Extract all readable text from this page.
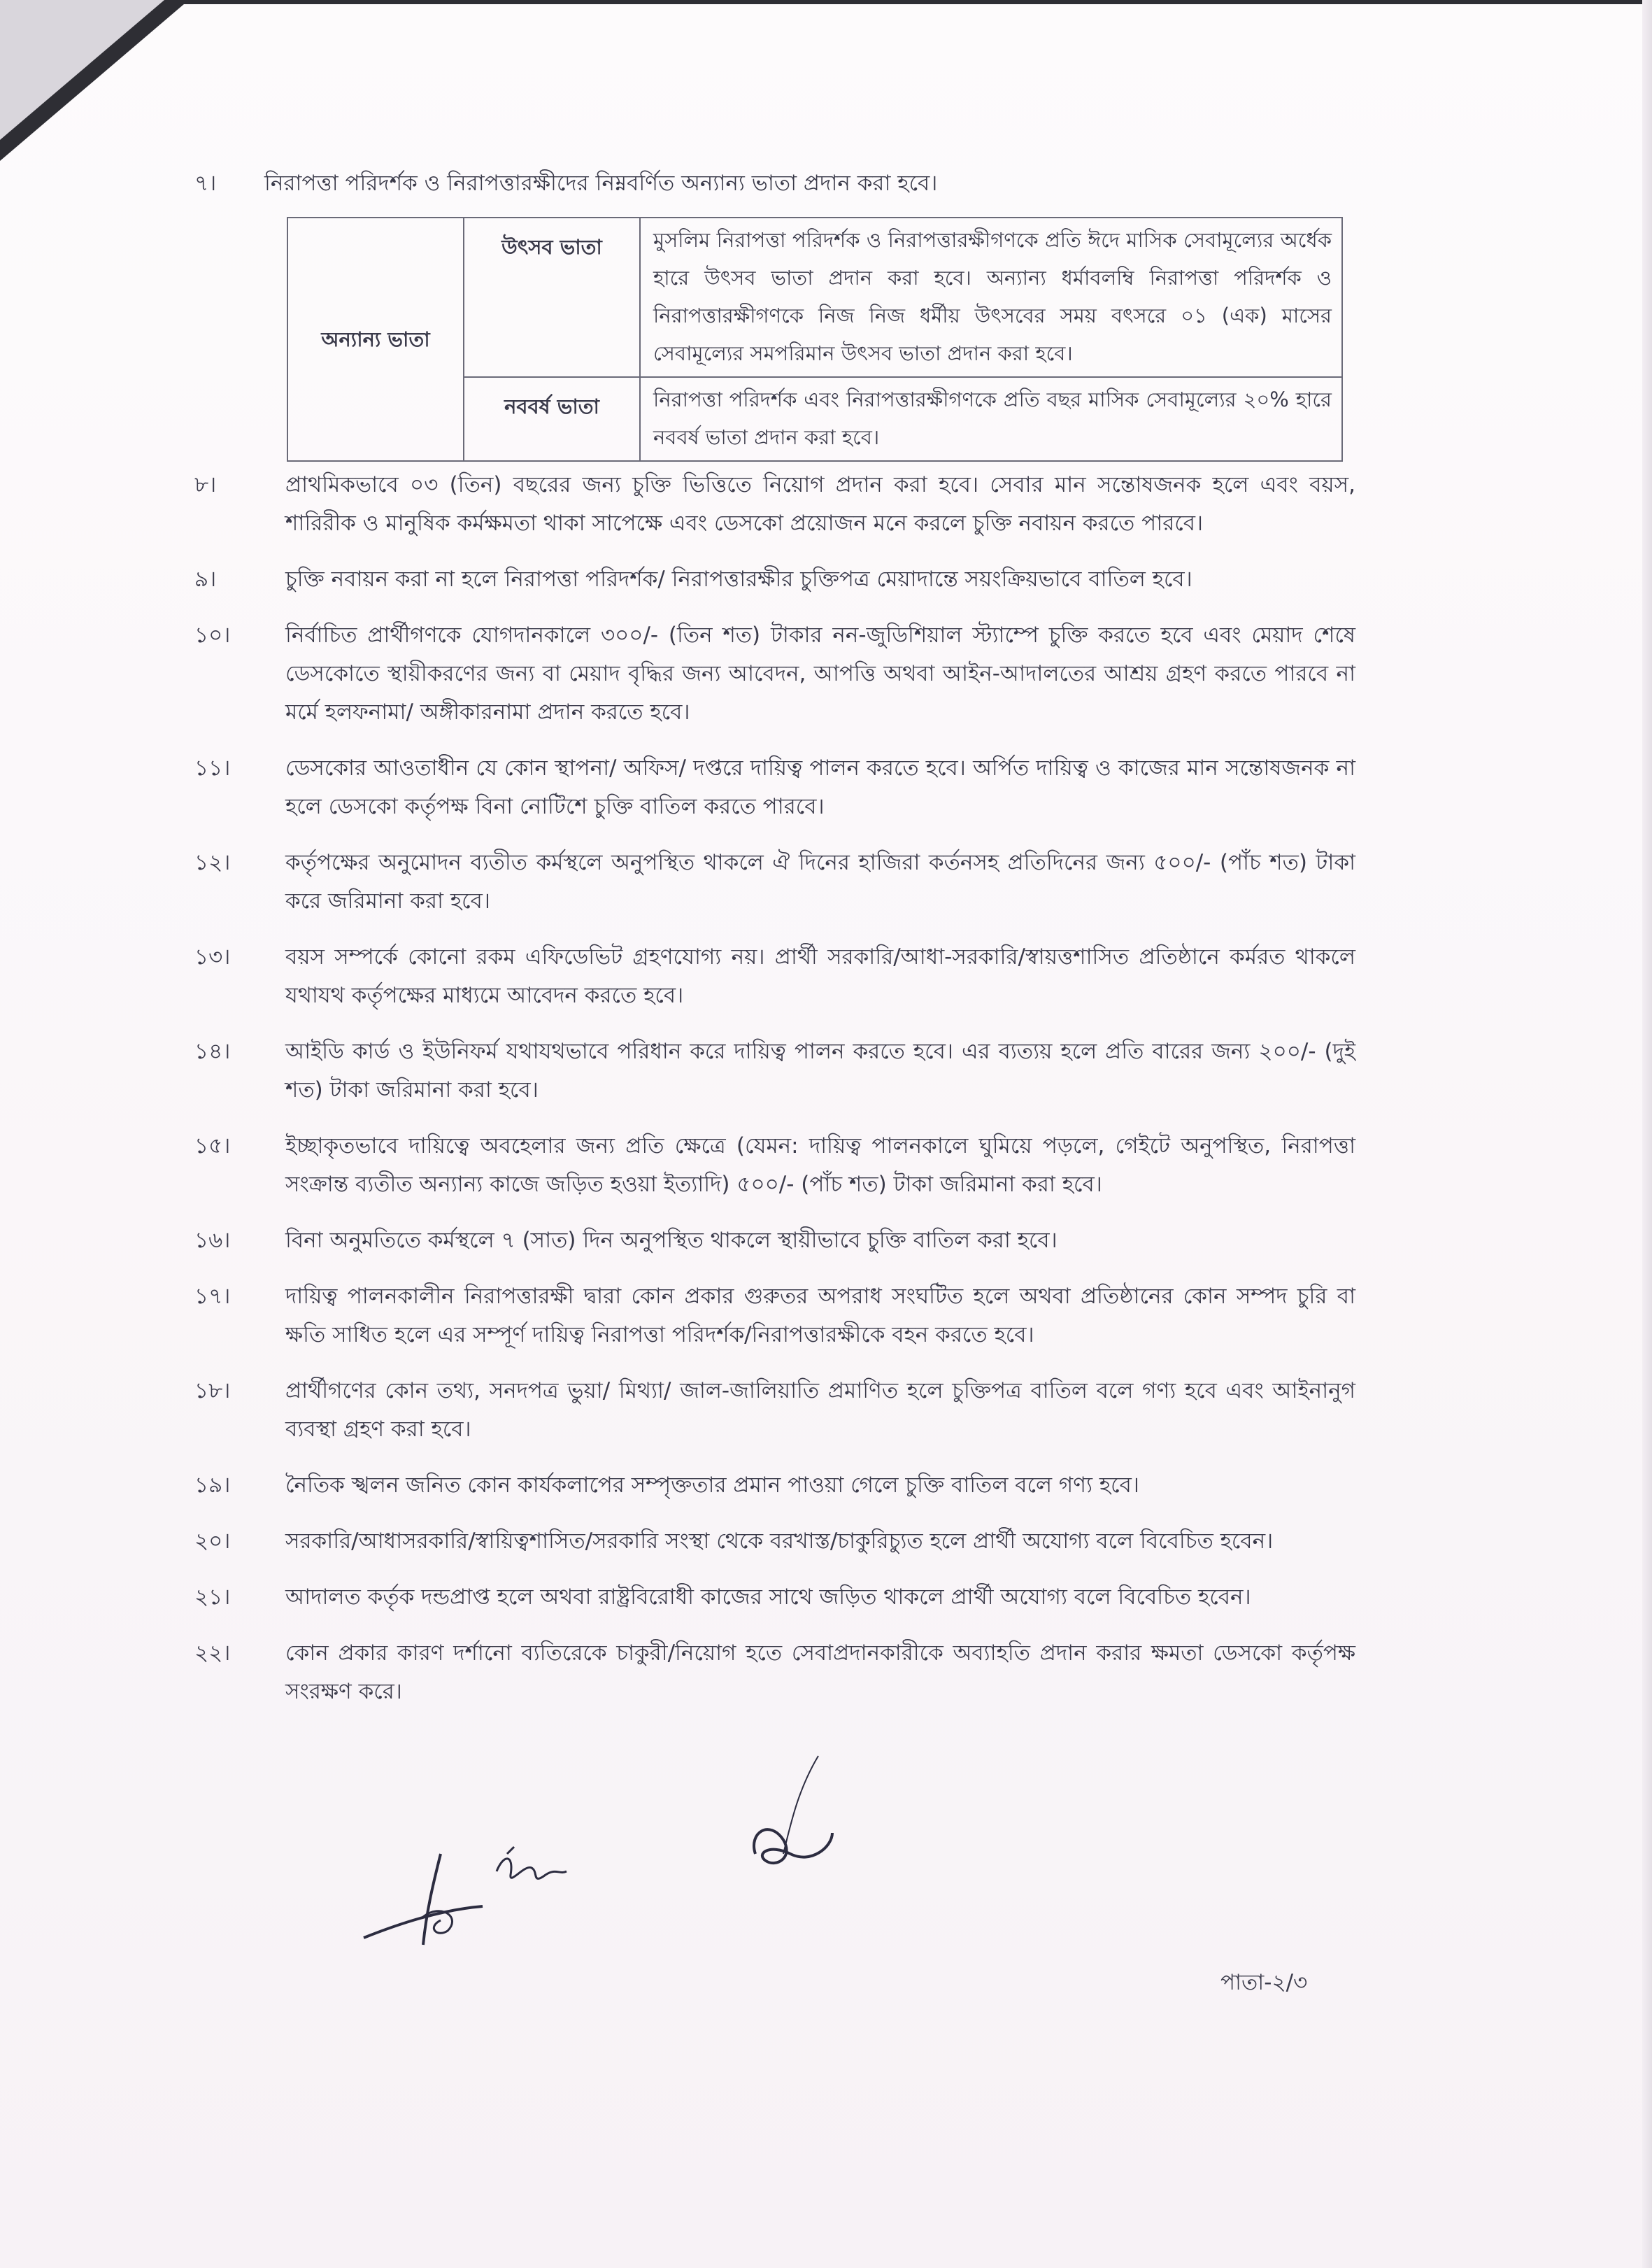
৭।	নিরাপত্তা পরিদর্শক ও নিরাপত্তারক্ষীদের নিম্নবর্ণিত অন্যান্য ভাতা প্রদান করা হবে।
অন্যান্য ভাতা	উৎসব ভাতা	মুসলিম নিরাপত্তা পরিদর্শক ও নিরাপত্তারক্ষীগণকে প্রতি ঈদে মাসিক সেবামূল্যের অর্ধেক হারে উৎসব ভাতা প্রদান করা হবে। অন্যান্য ধর্মাবলম্বি নিরাপত্তা পরিদর্শক ও নিরাপত্তারক্ষীগণকে নিজ নিজ ধর্মীয় উৎসবের সময় বৎসরে ০১ (এক) মাসের সেবামূল্যের সমপরিমান উৎসব ভাতা প্রদান করা হবে।
	নববর্ষ ভাতা	নিরাপত্তা পরিদর্শক এবং নিরাপত্তারক্ষীগণকে প্রতি বছর মাসিক সেবামূল্যের ২০% হারে নববর্ষ ভাতা প্রদান করা হবে।
৮।	প্রাথমিকভাবে ০৩ (তিন) বছরের জন্য চুক্তি ভিত্তিতে নিয়োগ প্রদান করা হবে। সেবার মান সন্তোষজনক হলে এবং বয়স, শারিরীক ও মানুষিক কর্মক্ষমতা থাকা সাপেক্ষে এবং ডেসকো প্রয়োজন মনে করলে চুক্তি নবায়ন করতে পারবে।
৯।	চুক্তি নবায়ন করা না হলে নিরাপত্তা পরিদর্শক/ নিরাপত্তারক্ষীর চুক্তিপত্র মেয়াদান্তে সয়ংক্রিয়ভাবে বাতিল হবে।
১০।	নির্বাচিত প্রার্থীগণকে যোগদানকালে ৩০০/- (তিন শত) টাকার নন-জুডিশিয়াল স্ট্যাম্পে চুক্তি করতে হবে এবং মেয়াদ শেষে ডেসকোতে স্থায়ীকরণের জন্য বা মেয়াদ বৃদ্ধির জন্য আবেদন, আপত্তি অথবা আইন-আদালতের আশ্রয় গ্রহণ করতে পারবে না মর্মে হলফনামা/ অঙ্গীকারনামা প্রদান করতে হবে।
১১।	ডেসকোর আওতাধীন যে কোন স্থাপনা/ অফিস/ দপ্তরে দায়িত্ব পালন করতে হবে। অর্পিত দায়িত্ব ও কাজের মান সন্তোষজনক না হলে ডেসকো কর্তৃপক্ষ বিনা নোটিশে চুক্তি বাতিল করতে পারবে।
১২।	কর্তৃপক্ষের অনুমোদন ব্যতীত কর্মস্থলে অনুপস্থিত থাকলে ঐ দিনের হাজিরা কর্তনসহ প্রতিদিনের জন্য ৫০০/- (পাঁচ শত) টাকা করে জরিমানা করা হবে।
১৩।	বয়স সম্পর্কে কোনো রকম এফিডেভিট গ্রহণযোগ্য নয়। প্রার্থী সরকারি/আধা-সরকারি/স্বায়ত্তশাসিত প্রতিষ্ঠানে কর্মরত থাকলে যথাযথ কর্তৃপক্ষের মাধ্যমে আবেদন করতে হবে।
১৪।	আইডি কার্ড ও ইউনিফর্ম যথাযথভাবে পরিধান করে দায়িত্ব পালন করতে হবে। এর ব্যত্যয় হলে প্রতি বারের জন্য ২০০/- (দুই শত) টাকা জরিমানা করা হবে।
১৫।	ইচ্ছাকৃতভাবে দায়িত্বে অবহেলার জন্য প্রতি ক্ষেত্রে (যেমন: দায়িত্ব পালনকালে ঘুমিয়ে পড়লে, গেইটে অনুপস্থিত, নিরাপত্তা সংক্রান্ত ব্যতীত অন্যান্য কাজে জড়িত হওয়া ইত্যাদি) ৫০০/- (পাঁচ শত) টাকা জরিমানা করা হবে।
১৬।	বিনা অনুমতিতে কর্মস্থলে ৭ (সাত) দিন অনুপস্থিত থাকলে স্থায়ীভাবে চুক্তি বাতিল করা হবে।
১৭।	দায়িত্ব পালনকালীন নিরাপত্তারক্ষী দ্বারা কোন প্রকার গুরুতর অপরাধ সংঘটিত হলে অথবা প্রতিষ্ঠানের কোন সম্পদ চুরি বা ক্ষতি সাধিত হলে এর সম্পূর্ণ দায়িত্ব নিরাপত্তা পরিদর্শক/নিরাপত্তারক্ষীকে বহন করতে হবে।
১৮।	প্রার্থীগণের কোন তথ্য, সনদপত্র ভুয়া/ মিথ্যা/ জাল-জালিয়াতি প্রমাণিত হলে চুক্তিপত্র বাতিল বলে গণ্য হবে এবং আইনানুগ ব্যবস্থা গ্রহণ করা হবে।
১৯।	নৈতিক স্খলন জনিত কোন কার্যকলাপের সম্পৃক্ততার প্রমান পাওয়া গেলে চুক্তি বাতিল বলে গণ্য হবে।
২০।	সরকারি/আধাসরকারি/স্বায়িত্বশাসিত/সরকারি সংস্থা থেকে বরখাস্ত/চাকুরিচ্যুত হলে প্রার্থী অযোগ্য বলে বিবেচিত হবেন।
২১।	আদালত কর্তৃক দন্ডপ্রাপ্ত হলে অথবা রাষ্ট্রবিরোধী কাজের সাথে জড়িত থাকলে প্রার্থী অযোগ্য বলে বিবেচিত হবেন।
২২।	কোন প্রকার কারণ দর্শানো ব্যতিরেকে চাকুরী/নিয়োগ হতে সেবাপ্রদানকারীকে অব্যাহতি প্রদান করার ক্ষমতা ডেসকো কর্তৃপক্ষ সংরক্ষণ করে।
পাতা-২/৩
